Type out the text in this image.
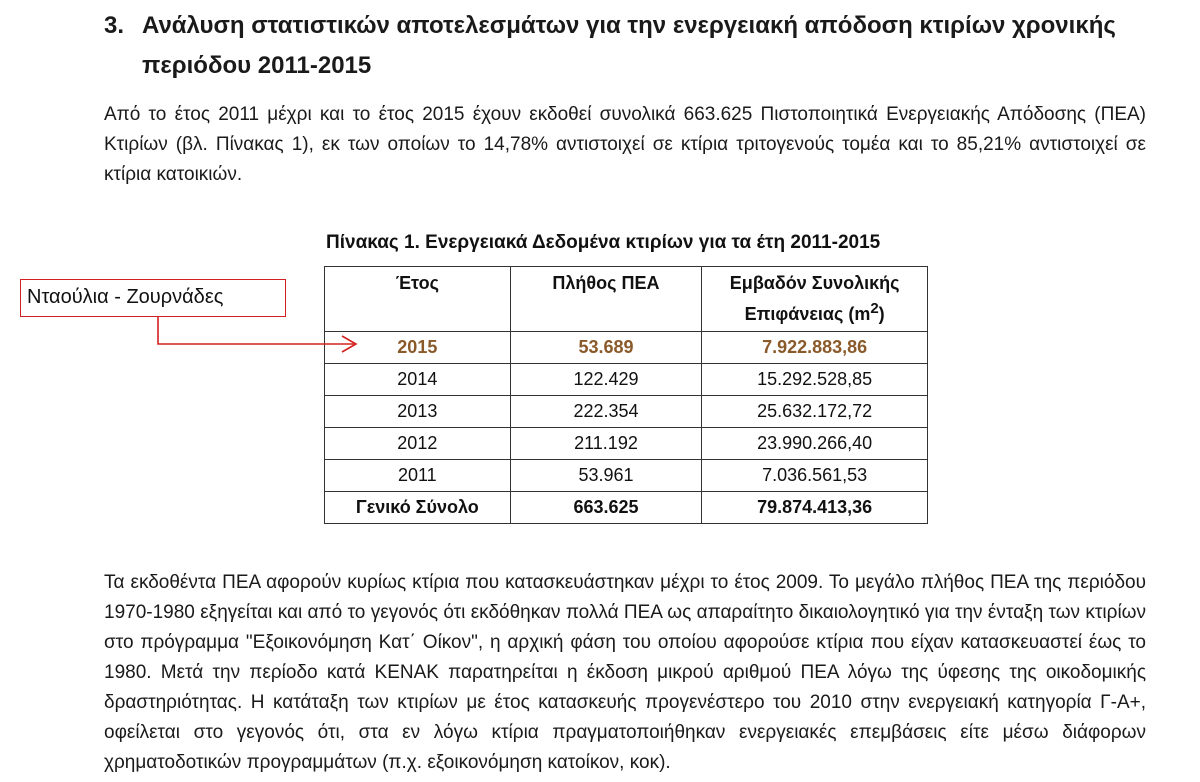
3. Ανάλυση στατιστικών αποτελεσμάτων για την ενεργειακή απόδοση κτιρίων χρονικής
περιόδου 2011-2015
Από το έτος 2011 μέχρι και το έτος 2015 έχουν εκδοθεί συνολικά 663.625 Πιστοποιητικά Ενεργειακής Απόδοσης (ΠΕΑ) Κτιρίων (βλ. Πίνακας 1), εκ των οποίων το 14,78% αντιστοιχεί σε κτίρια τριτογενούς τομέα και το 85,21% αντιστοιχεί σε κτίρια κατοικιών.
Πίνακας 1. Ενεργειακά Δεδομένα κτιρίων για τα έτη 2011-2015
Έτος	Πλήθος ΠΕΑ	Εμβαδόν Συνολικής
Επιφάνειας $(m^2)$
2015	53.689	7.922.883,86
2014	122.429	15.292.528,85
2013	222.354	25.632.172,72
2012	211.192	23.990.266,40
2011	53.961	7.036.561,53
Γενικό Σύνολο	663.625	79.874.413,36
Νταούλια - Ζουρνάδες
Τα εκδοθέντα ΠΕΑ αφορούν κυρίως κτίρια που κατασκευάστηκαν μέχρι το έτος 2009. Το μεγάλο πλήθος ΠΕΑ της περιόδου 1970-1980 εξηγείται και από το γεγονός ότι εκδόθηκαν πολλά ΠΕΑ ως απαραίτητο δικαιολογητικό για την ένταξη των κτιρίων στο πρόγραμμα "Εξοικονόμηση Κατ΄ Οίκον", η αρχική φάση του οποίου αφορούσε κτίρια που είχαν κατασκευαστεί έως το 1980. Μετά την περίοδο κατά ΚΕΝΑΚ παρατηρείται η έκδοση μικρού αριθμού ΠΕΑ λόγω της ύφεσης της οικοδομικής δραστηριότητας. Η κατάταξη των κτιρίων με έτος κατασκευής προγενέστερο του 2010 στην ενεργειακή κατηγορία Γ-Α+, οφείλεται στο γεγονός ότι, στα εν λόγω κτίρια πραγματοποιήθηκαν ενεργειακές επεμβάσεις είτε μέσω διάφορων χρηματοδοτικών προγραμμάτων (π.χ. εξοικονόμηση κατοίκον, κοκ).
